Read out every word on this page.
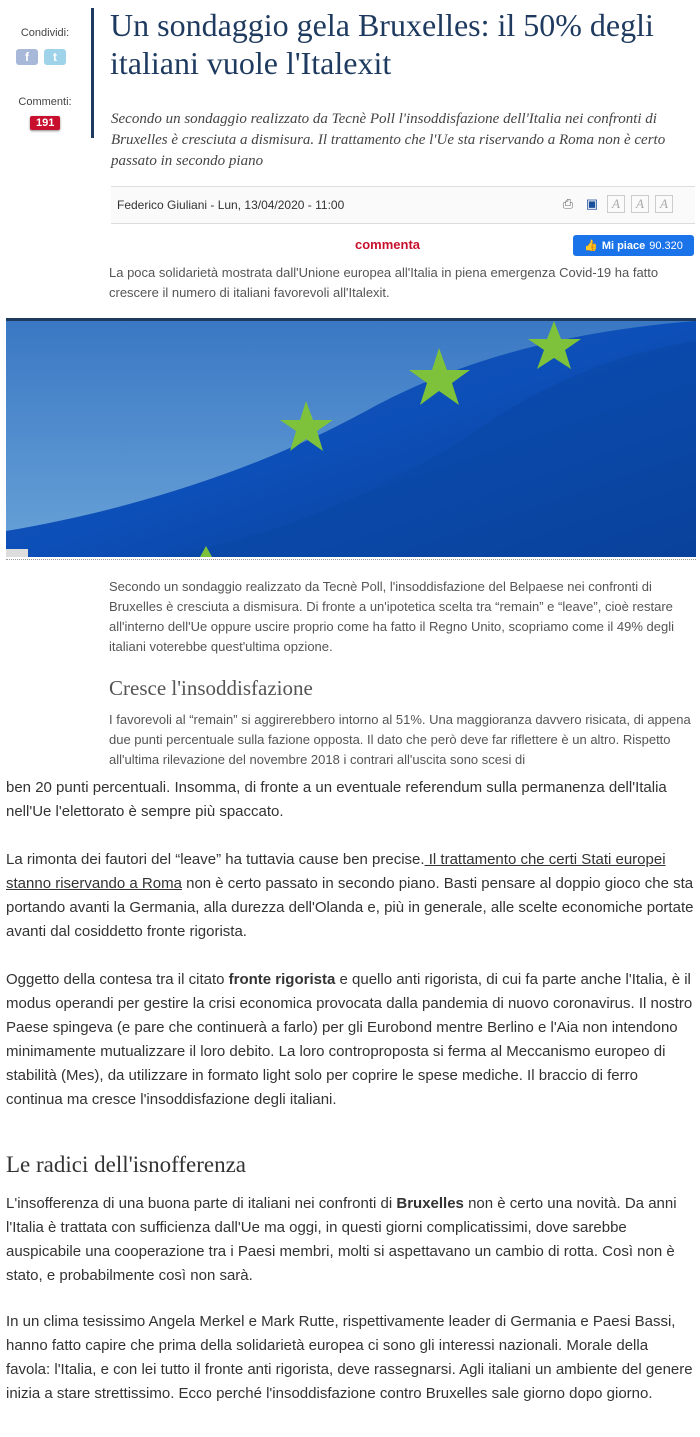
Condividi:
f	t
Commenti:
191
Un sondaggio gela Bruxelles: il 50% degli italiani vuole l'Italexit

Secondo un sondaggio realizzato da Tecnè Poll l'insoddisfazione dell'Italia nei confronti di Bruxelles è cresciuta a dismisura. Il trattamento che l'Ue sta riservando a Roma non è certo passato in secondo piano

Federico Giuliani - Lun, 13/04/2020 - 11:00	⎙ ▣	A	A	A
commenta	👍 Mi piace 90.320

La poca solidarietà mostrata dall'Unione europea all'Italia in piena emergenza Covid-19 ha fatto crescere il numero di italiani favorevoli all'Italexit.

Secondo un sondaggio realizzato da Tecnè Poll, l'insoddisfazione del Belpaese nei confronti di Bruxelles è cresciuta a dismisura. Di fronte a un'ipotetica scelta tra “remain” e “leave”, cioè restare all'interno dell'Ue oppure uscire proprio come ha fatto il Regno Unito, scopriamo come il 49% degli italiani voterebbe quest'ultima opzione.

Cresce l'insoddisfazione

I favorevoli al “remain” si aggirerebbero intorno al 51%. Una maggioranza davvero risicata, di appena due punti percentuale sulla fazione opposta. Il dato che però deve far riflettere è un altro. Rispetto all'ultima rilevazione del novembre 2018 i contrari all'uscita sono scesi di

ben 20 punti percentuali. Insomma, di fronte a un eventuale referendum sulla permanenza dell'Italia nell'Ue l'elettorato è sempre più spaccato.

La rimonta dei fautori del “leave” ha tuttavia cause ben precise. Il trattamento che certi Stati europei stanno riservando a Roma non è certo passato in secondo piano. Basti pensare al doppio gioco che sta portando avanti la Germania, alla durezza dell'Olanda e, più in generale, alle scelte economiche portate avanti dal cosiddetto fronte rigorista.

Oggetto della contesa tra il citato fronte rigorista e quello anti rigorista, di cui fa parte anche l'Italia, è il modus operandi per gestire la crisi economica provocata dalla pandemia di nuovo coronavirus. Il nostro Paese spingeva (e pare che continuerà a farlo) per gli Eurobond mentre Berlino e l'Aia non intendono minimamente mutualizzare il loro debito. La loro controproposta si ferma al Meccanismo europeo di stabilità (Mes), da utilizzare in formato light solo per coprire le spese mediche. Il braccio di ferro continua ma cresce l'insoddisfazione degli italiani.

Le radici dell'isnofferenza

L'insofferenza di una buona parte di italiani nei confronti di Bruxelles non è certo una novità. Da anni l'Italia è trattata con sufficienza dall'Ue ma oggi, in questi giorni complicatissimi, dove sarebbe auspicabile una cooperazione tra i Paesi membri, molti si aspettavano un cambio di rotta. Così non è stato, e probabilmente così non sarà.

In un clima tesissimo Angela Merkel e Mark Rutte, rispettivamente leader di Germania e Paesi Bassi, hanno fatto capire che prima della solidarietà europea ci sono gli interessi nazionali. Morale della favola: l'Italia, e con lei tutto il fronte anti rigorista, deve rassegnarsi. Agli italiani un ambiente del genere inizia a stare strettissimo. Ecco perché l'insoddisfazione contro Bruxelles sale giorno dopo giorno.
